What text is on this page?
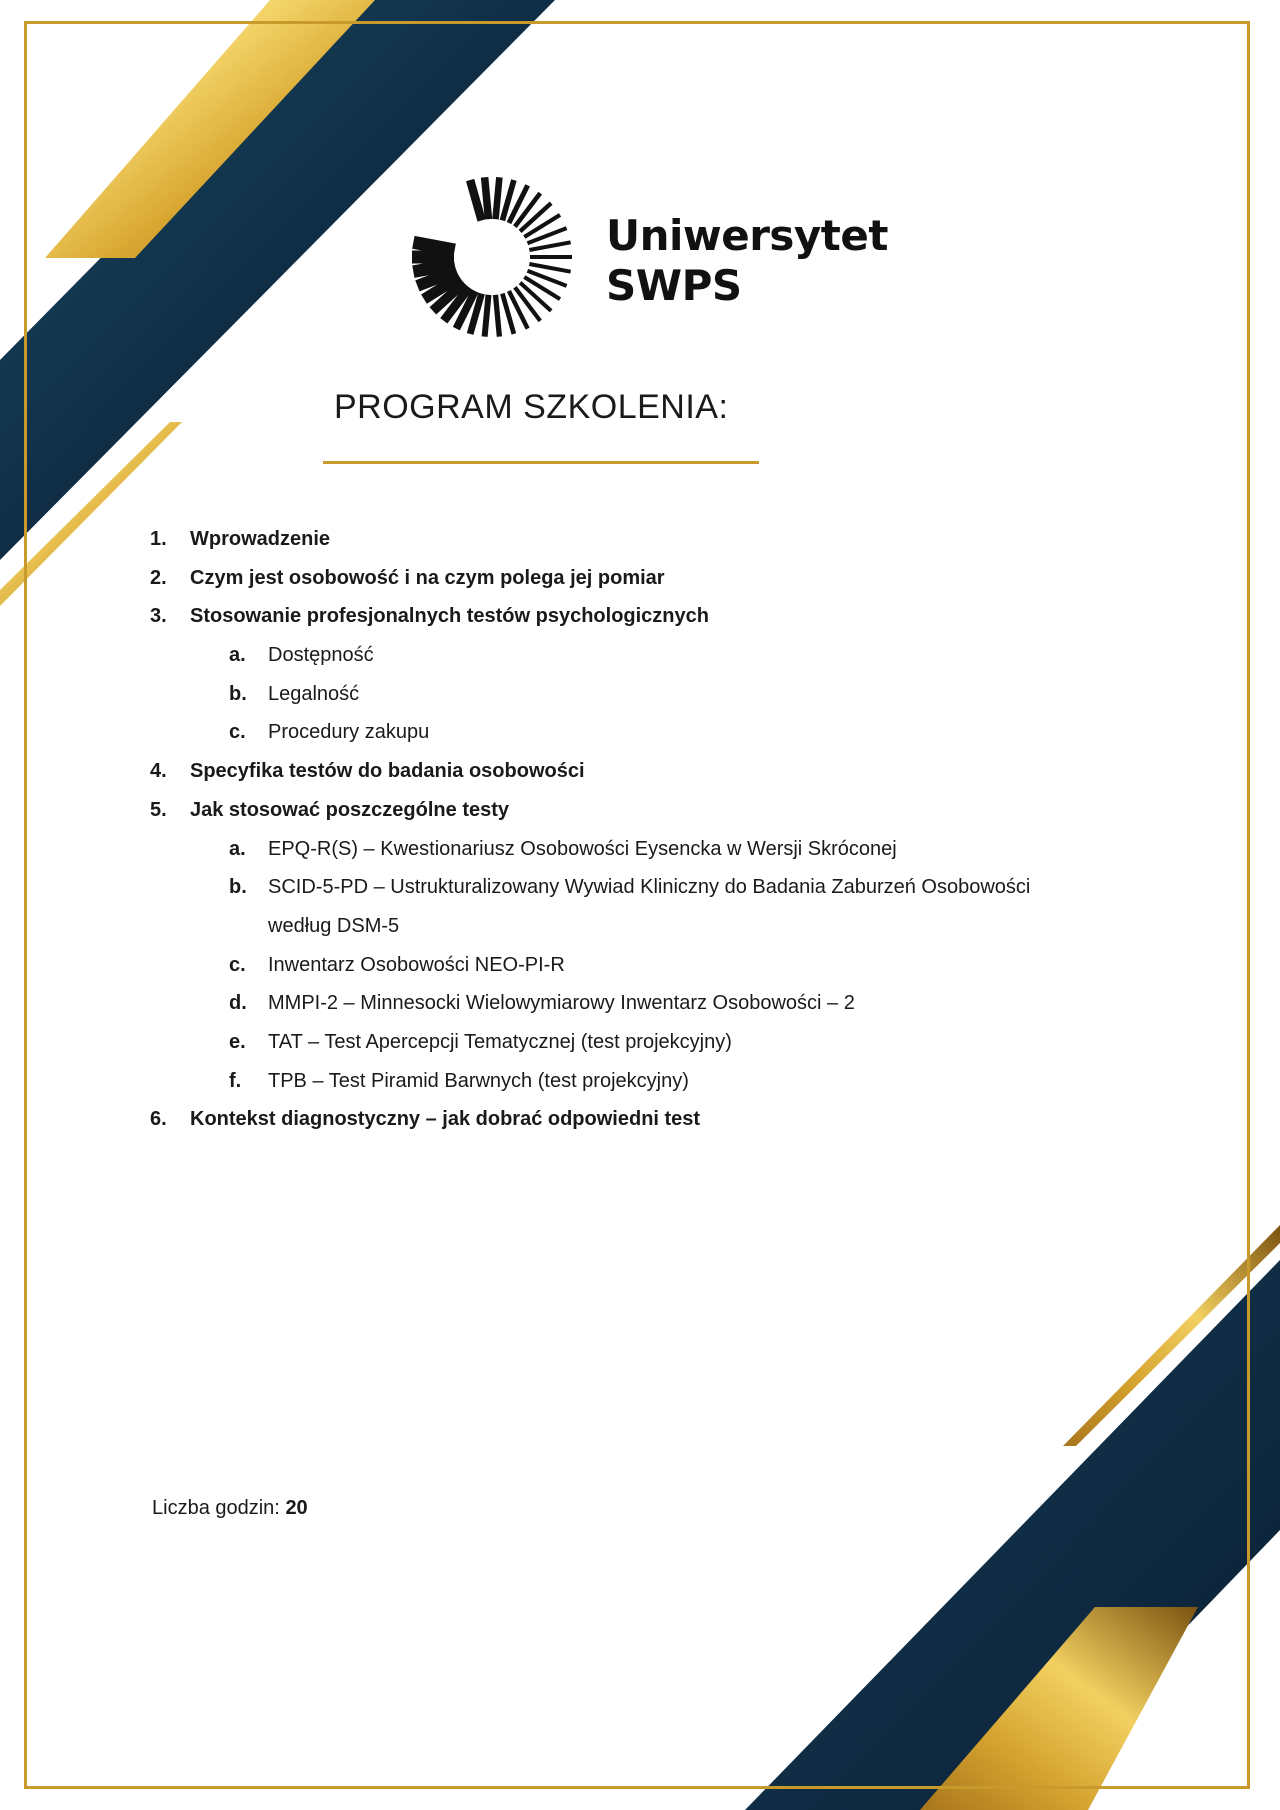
Uniwersytet
SWPS
PROGRAM SZKOLENIA:
1. Wprowadzenie
2. Czym jest osobowość i na czym polega jej pomiar
3. Stosowanie profesjonalnych testów psychologicznych
a. Dostępność
b. Legalność
c. Procedury zakupu
4. Specyfika testów do badania osobowości
5. Jak stosować poszczególne testy
a. EPQ-R(S) – Kwestionariusz Osobowości Eysencka w Wersji Skróconej
b. SCID-5-PD – Ustrukturalizowany Wywiad Kliniczny do Badania Zaburzeń Osobowości
według DSM-5
c. Inwentarz Osobowości NEO-PI-R
d. MMPI-2 – Minnesocki Wielowymiarowy Inwentarz Osobowości – 2
e. TAT – Test Apercepcji Tematycznej (test projekcyjny)
f. TPB – Test Piramid Barwnych (test projekcyjny)
6. Kontekst diagnostyczny – jak dobrać odpowiedni test
Liczba godzin: 20
